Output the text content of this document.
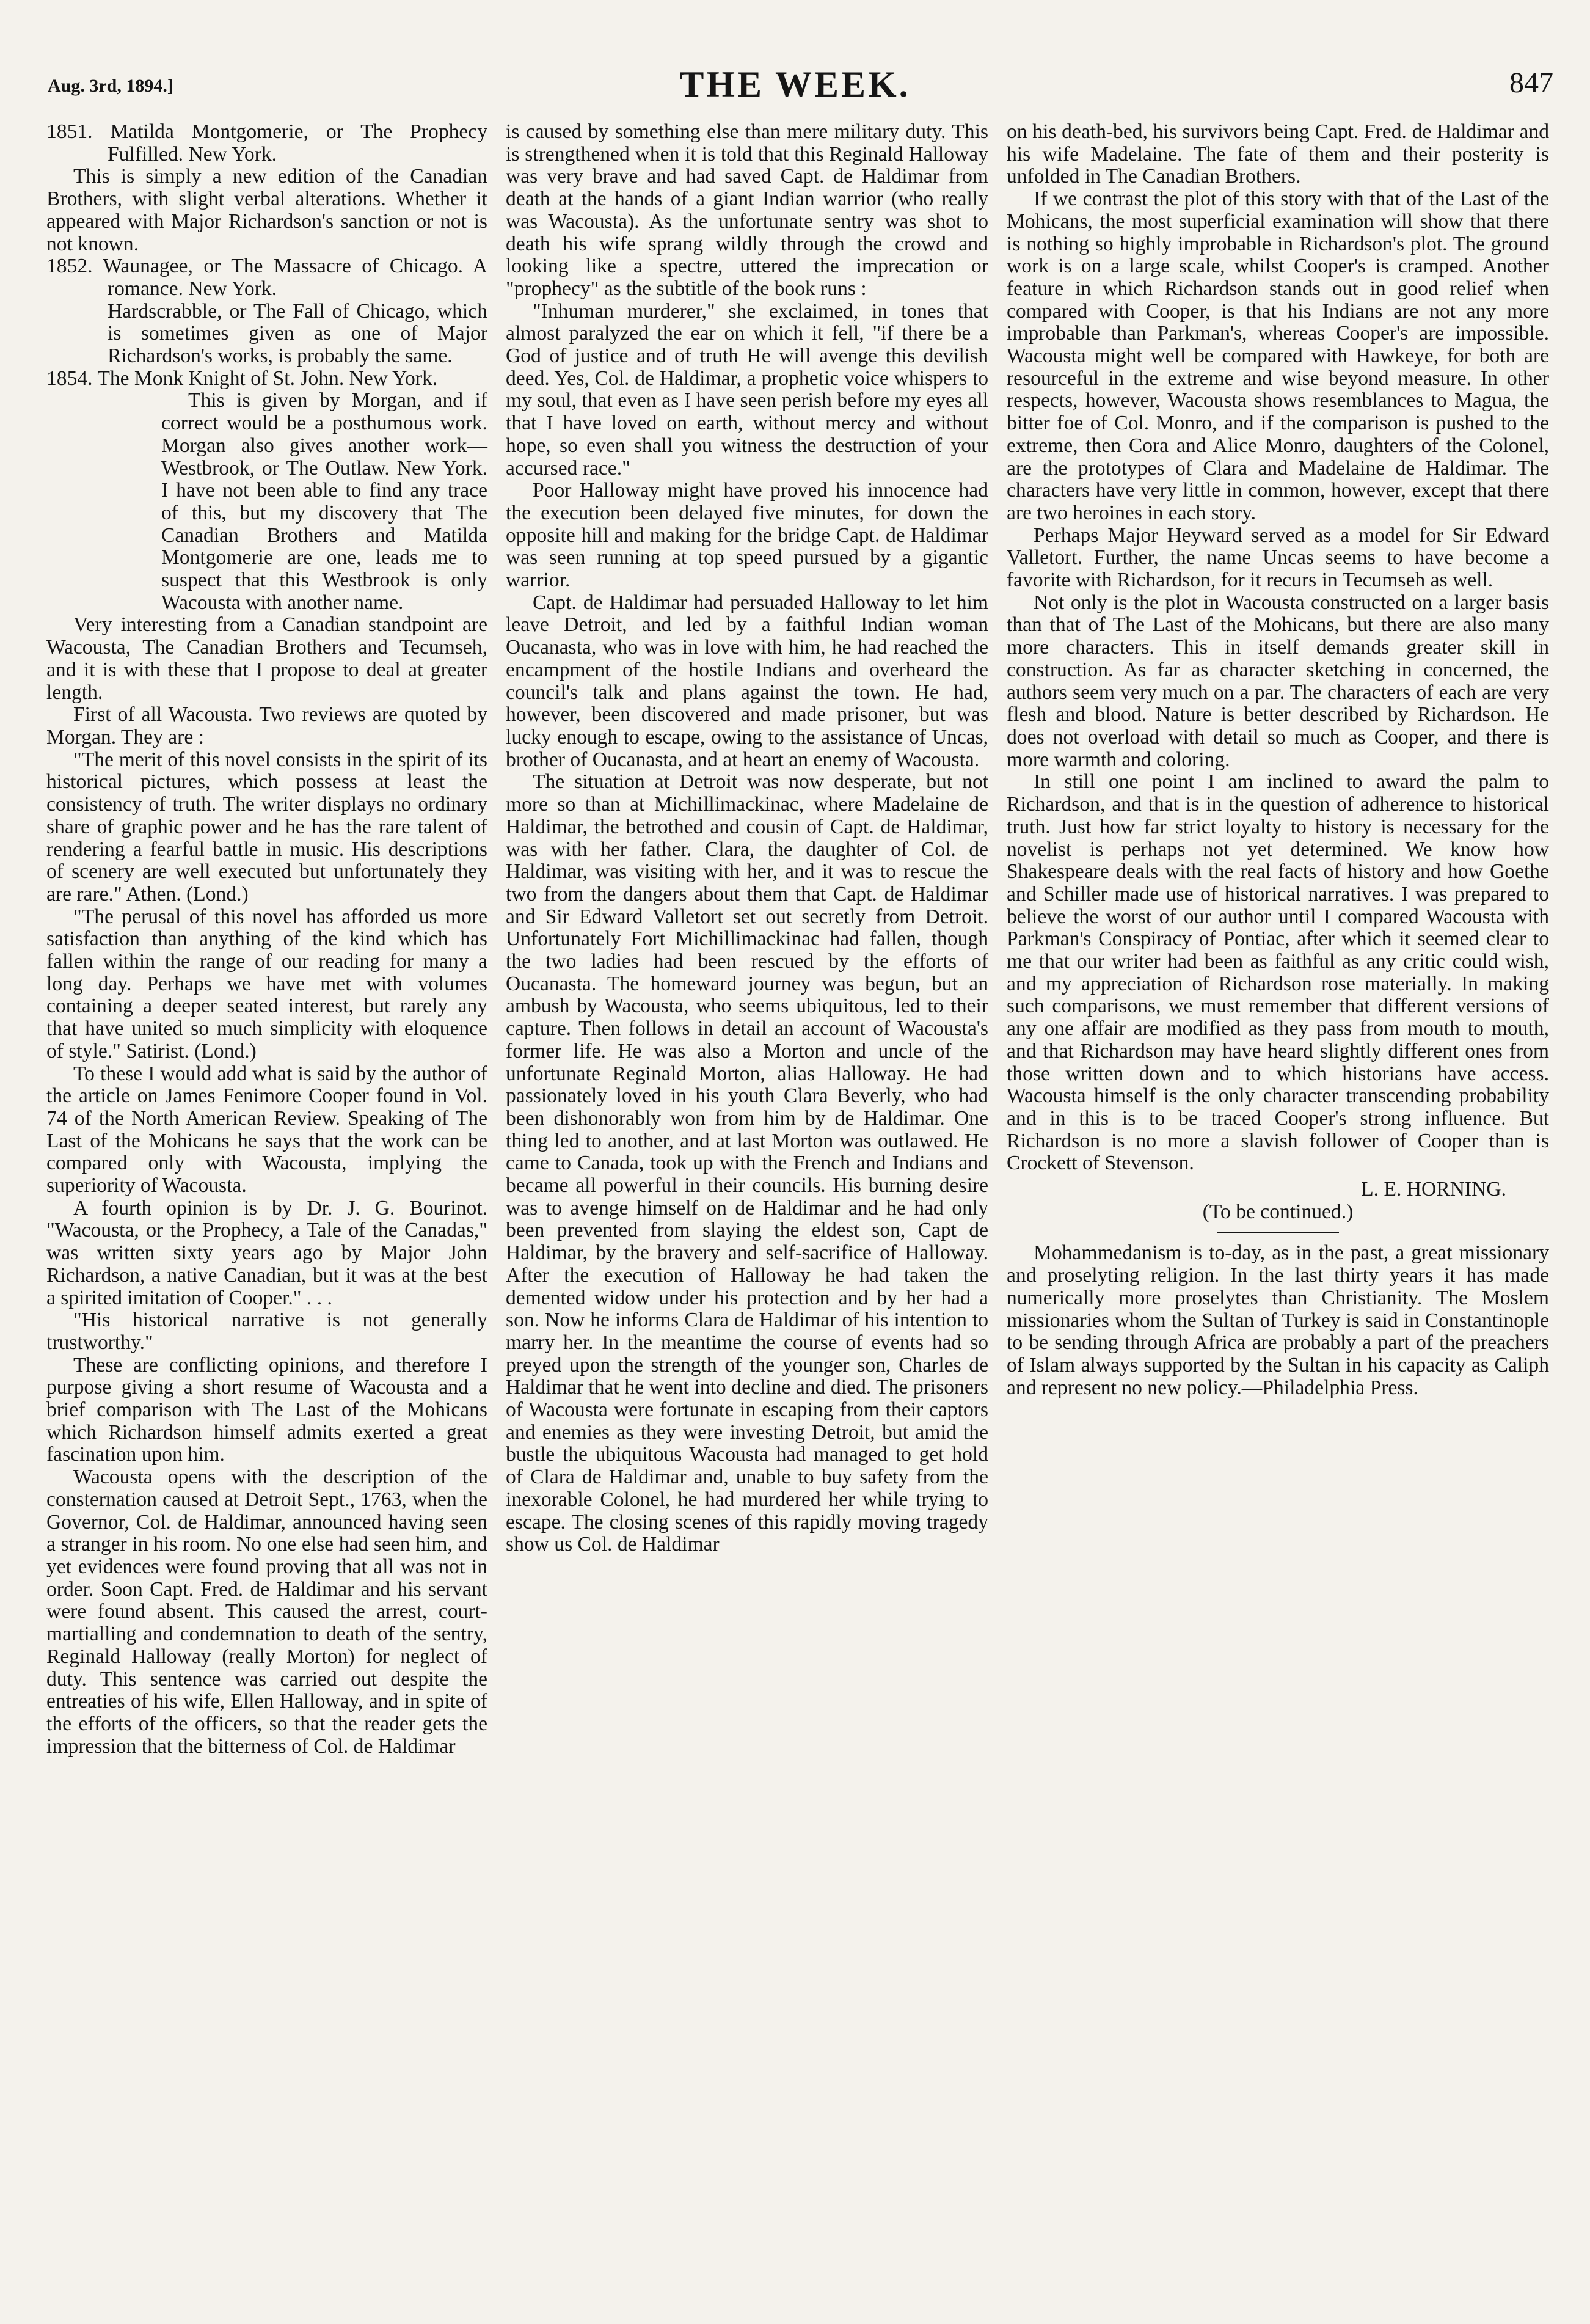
Aug. 3rd, 1894.]	THE WEEK.	847

1851. Matilda Montgomerie, or The Prophecy Fulfilled. New York.

This is simply a new edition of the Canadian Brothers, with slight verbal alterations. Whether it appeared with Major Richardson's sanction or not is not known.

1852. Waunagee, or The Massacre of Chicago. A romance. New York.

Hardscrabble, or The Fall of Chicago, which is sometimes given as one of Major Richardson's works, is probably the same.

1854. The Monk Knight of St. John. New York.

This is given by Morgan, and if correct would be a posthumous work. Morgan also gives another work—Westbrook, or The Outlaw. New York. I have not been able to find any trace of this, but my discovery that The Canadian Brothers and Matilda Montgomerie are one, leads me to suspect that this Westbrook is only Wacousta with another name.

Very interesting from a Canadian standpoint are Wacousta, The Canadian Brothers and Tecumseh, and it is with these that I propose to deal at greater length.

First of all Wacousta. Two reviews are quoted by Morgan. They are :

"The merit of this novel consists in the spirit of its historical pictures, which possess at least the consistency of truth. The writer displays no ordinary share of graphic power and he has the rare talent of rendering a fearful battle in music. His descriptions of scenery are well executed but unfortunately they are rare." Athen. (Lond.)

"The perusal of this novel has afforded us more satisfaction than anything of the kind which has fallen within the range of our reading for many a long day. Perhaps we have met with volumes containing a deeper seated interest, but rarely any that have united so much simplicity with eloquence of style." Satirist. (Lond.)

To these I would add what is said by the author of the article on James Fenimore Cooper found in Vol. 74 of the North American Review. Speaking of The Last of the Mohicans he says that the work can be compared only with Wacousta, implying the superiority of Wacousta.

A fourth opinion is by Dr. J. G. Bourinot. "Wacousta, or the Prophecy, a Tale of the Canadas," was written sixty years ago by Major John Richardson, a native Canadian, but it was at the best a spirited imitation of Cooper." . . .

"His historical narrative is not generally trustworthy."

These are conflicting opinions, and therefore I purpose giving a short resume of Wacousta and a brief comparison with The Last of the Mohicans which Richardson himself admits exerted a great fascination upon him.

Wacousta opens with the description of the consternation caused at Detroit Sept., 1763, when the Governor, Col. de Haldimar, announced having seen a stranger in his room. No one else had seen him, and yet evidences were found proving that all was not in order. Soon Capt. Fred. de Haldimar and his servant were found absent. This caused the arrest, court-martialling and condemnation to death of the sentry, Reginald Halloway (really Morton) for neglect of duty. This sentence was carried out despite the entreaties of his wife, Ellen Halloway, and in spite of the efforts of the officers, so that the reader gets the impression that the bitterness of Col. de Haldimar

is caused by something else than mere military duty. This is strengthened when it is told that this Reginald Halloway was very brave and had saved Capt. de Haldimar from death at the hands of a giant Indian warrior (who really was Wacousta). As the unfortunate sentry was shot to death his wife sprang wildly through the crowd and looking like a spectre, uttered the imprecation or "prophecy" as the subtitle of the book runs :

"Inhuman murderer," she exclaimed, in tones that almost paralyzed the ear on which it fell, "if there be a God of justice and of truth He will avenge this devilish deed. Yes, Col. de Haldimar, a prophetic voice whispers to my soul, that even as I have seen perish before my eyes all that I have loved on earth, without mercy and without hope, so even shall you witness the destruction of your accursed race."

Poor Halloway might have proved his innocence had the execution been delayed five minutes, for down the opposite hill and making for the bridge Capt. de Haldimar was seen running at top speed pursued by a gigantic warrior.

Capt. de Haldimar had persuaded Halloway to let him leave Detroit, and led by a faithful Indian woman Oucanasta, who was in love with him, he had reached the encampment of the hostile Indians and overheard the council's talk and plans against the town. He had, however, been discovered and made prisoner, but was lucky enough to escape, owing to the assistance of Uncas, brother of Oucanasta, and at heart an enemy of Wacousta.

The situation at Detroit was now desperate, but not more so than at Michillimackinac, where Madelaine de Haldimar, the betrothed and cousin of Capt. de Haldimar, was with her father. Clara, the daughter of Col. de Haldimar, was visiting with her, and it was to rescue the two from the dangers about them that Capt. de Haldimar and Sir Edward Valletort set out secretly from Detroit. Unfortunately Fort Michillimackinac had fallen, though the two ladies had been rescued by the efforts of Oucanasta. The homeward journey was begun, but an ambush by Wacousta, who seems ubiquitous, led to their capture. Then follows in detail an account of Wacousta's former life. He was also a Morton and uncle of the unfortunate Reginald Morton, alias Halloway. He had passionately loved in his youth Clara Beverly, who had been dishonorably won from him by de Haldimar. One thing led to another, and at last Morton was outlawed. He came to Canada, took up with the French and Indians and became all powerful in their councils. His burning desire was to avenge himself on de Haldimar and he had only been prevented from slaying the eldest son, Capt de Haldimar, by the bravery and self-sacrifice of Halloway. After the execution of Halloway he had taken the demented widow under his protection and by her had a son. Now he informs Clara de Haldimar of his intention to marry her. In the meantime the course of events had so preyed upon the strength of the younger son, Charles de Haldimar that he went into decline and died. The prisoners of Wacousta were fortunate in escaping from their captors and enemies as they were investing Detroit, but amid the bustle the ubiquitous Wacousta had managed to get hold of Clara de Haldimar and, unable to buy safety from the inexorable Colonel, he had murdered her while trying to escape. The closing scenes of this rapidly moving tragedy show us Col. de Haldimar

on his death-bed, his survivors being Capt. Fred. de Haldimar and his wife Madelaine. The fate of them and their posterity is unfolded in The Canadian Brothers.

If we contrast the plot of this story with that of the Last of the Mohicans, the most superficial examination will show that there is nothing so highly improbable in Richardson's plot. The ground work is on a large scale, whilst Cooper's is cramped. Another feature in which Richardson stands out in good relief when compared with Cooper, is that his Indians are not any more improbable than Parkman's, whereas Cooper's are impossible. Wacousta might well be compared with Hawkeye, for both are resourceful in the extreme and wise beyond measure. In other respects, however, Wacousta shows resemblances to Magua, the bitter foe of Col. Monro, and if the comparison is pushed to the extreme, then Cora and Alice Monro, daughters of the Colonel, are the prototypes of Clara and Madelaine de Haldimar. The characters have very little in common, however, except that there are two heroines in each story.

Perhaps Major Heyward served as a model for Sir Edward Valletort. Further, the name Uncas seems to have become a favorite with Richardson, for it recurs in Tecumseh as well.

Not only is the plot in Wacousta constructed on a larger basis than that of The Last of the Mohicans, but there are also many more characters. This in itself demands greater skill in construction. As far as character sketching in concerned, the authors seem very much on a par. The characters of each are very flesh and blood. Nature is better described by Richardson. He does not overload with detail so much as Cooper, and there is more warmth and coloring.

In still one point I am inclined to award the palm to Richardson, and that is in the question of adherence to historical truth. Just how far strict loyalty to history is necessary for the novelist is perhaps not yet determined. We know how Shakespeare deals with the real facts of history and how Goethe and Schiller made use of historical narratives. I was prepared to believe the worst of our author until I compared Wacousta with Parkman's Conspiracy of Pontiac, after which it seemed clear to me that our writer had been as faithful as any critic could wish, and my appreciation of Richardson rose materially. In making such comparisons, we must remember that different versions of any one affair are modified as they pass from mouth to mouth, and that Richardson may have heard slightly different ones from those written down and to which historians have access. Wacousta himself is the only character transcending probability and in this is to be traced Cooper's strong influence. But Richardson is no more a slavish follower of Cooper than is Crockett of Stevenson.

L. E. HORNING.

(To be continued.)

Mohammedanism is to-day, as in the past, a great missionary and proselyting religion. In the last thirty years it has made numerically more proselytes than Christianity. The Moslem missionaries whom the Sultan of Turkey is said in Constantinople to be sending through Africa are probably a part of the preachers of Islam always supported by the Sultan in his capacity as Caliph and represent no new policy.—Philadelphia Press.
